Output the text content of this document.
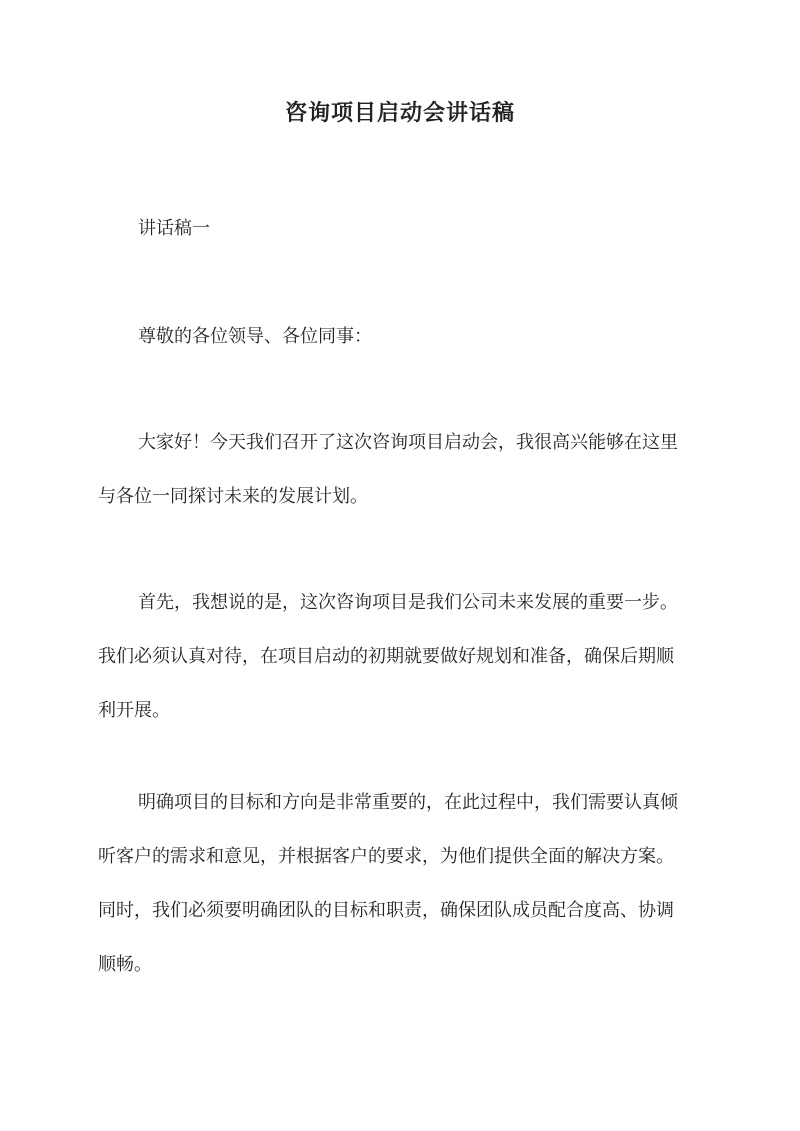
咨询项目启动会讲话稿

讲话稿一

尊敬的各位领导、各位同事：

大家好！今天我们召开了这次咨询项目启动会，我很高兴能够在这里
与各位一同探讨未来的发展计划。

首先，我想说的是，这次咨询项目是我们公司未来发展的重要一步。
我们必须认真对待，在项目启动的初期就要做好规划和准备，确保后期顺
利开展。

明确项目的目标和方向是非常重要的，在此过程中，我们需要认真倾
听客户的需求和意见，并根据客户的要求，为他们提供全面的解决方案。
同时，我们必须要明确团队的目标和职责，确保团队成员配合度高、协调
顺畅。
